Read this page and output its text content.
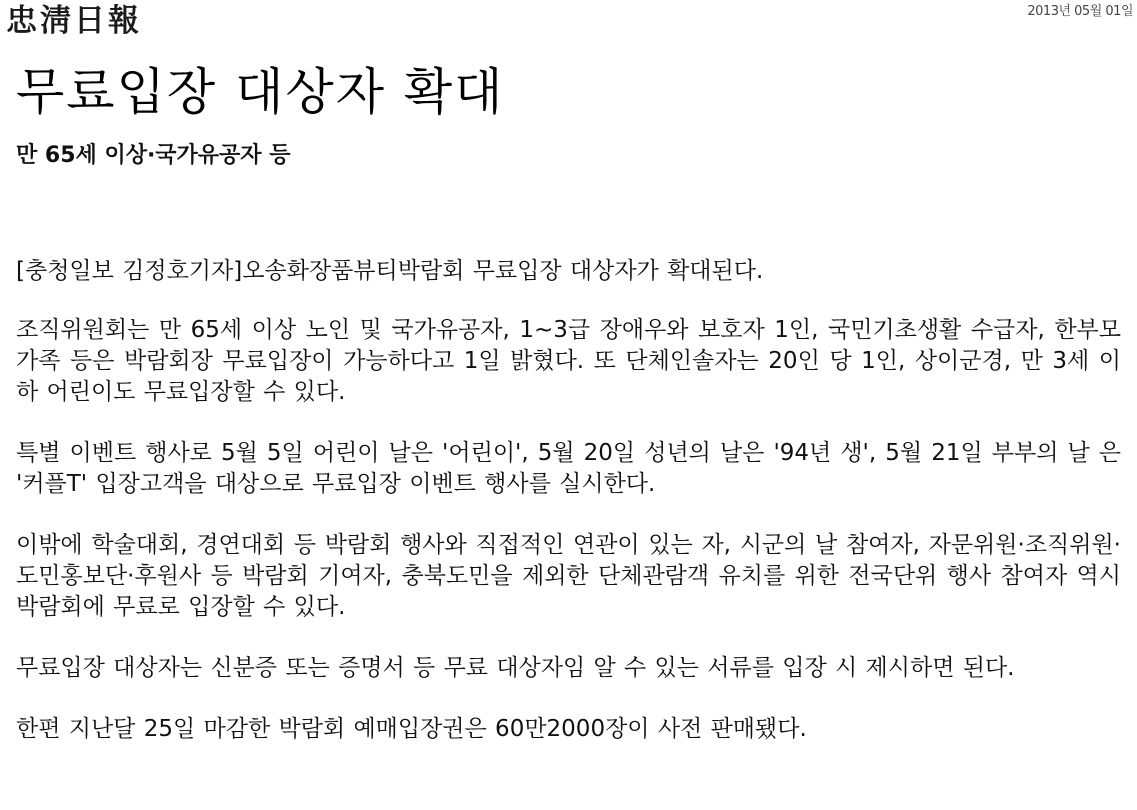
忠淸日報	2013년 05월 01일
무료입장 대상자 확대
만 65세 이상·국가유공자 등

[충청일보 김정호기자]오송화장품뷰티박람회 무료입장 대상자가 확대된다.

조직위원회는 만 65세 이상 노인 및 국가유공자, 1~3급 장애우와 보호자 1인, 국민기초생활 수급자, 한부모 가족 등은 박람회장 무료입장이 가능하다고 1일 밝혔다. 또 단체인솔자는 20인 당 1인, 상이군경, 만 3세 이하 어린이도 무료입장할 수 있다.

특별 이벤트 행사로 5월 5일 어린이 날은 '어린이', 5월 20일 성년의 날은 '94년 생', 5월 21일 부부의 날 은 '커플T' 입장고객을 대상으로 무료입장 이벤트 행사를 실시한다.

이밖에 학술대회, 경연대회 등 박람회 행사와 직접적인 연관이 있는 자, 시군의 날 참여자, 자문위원·조직위원·도민홍보단·후원사 등 박람회 기여자, 충북도민을 제외한 단체관람객 유치를 위한 전국단위 행사 참여자 역시 박람회에 무료로 입장할 수 있다.

무료입장 대상자는 신분증 또는 증명서 등 무료 대상자임 알 수 있는 서류를 입장 시 제시하면 된다.

한편 지난달 25일 마감한 박람회 예매입장권은 60만2000장이 사전 판매됐다.
